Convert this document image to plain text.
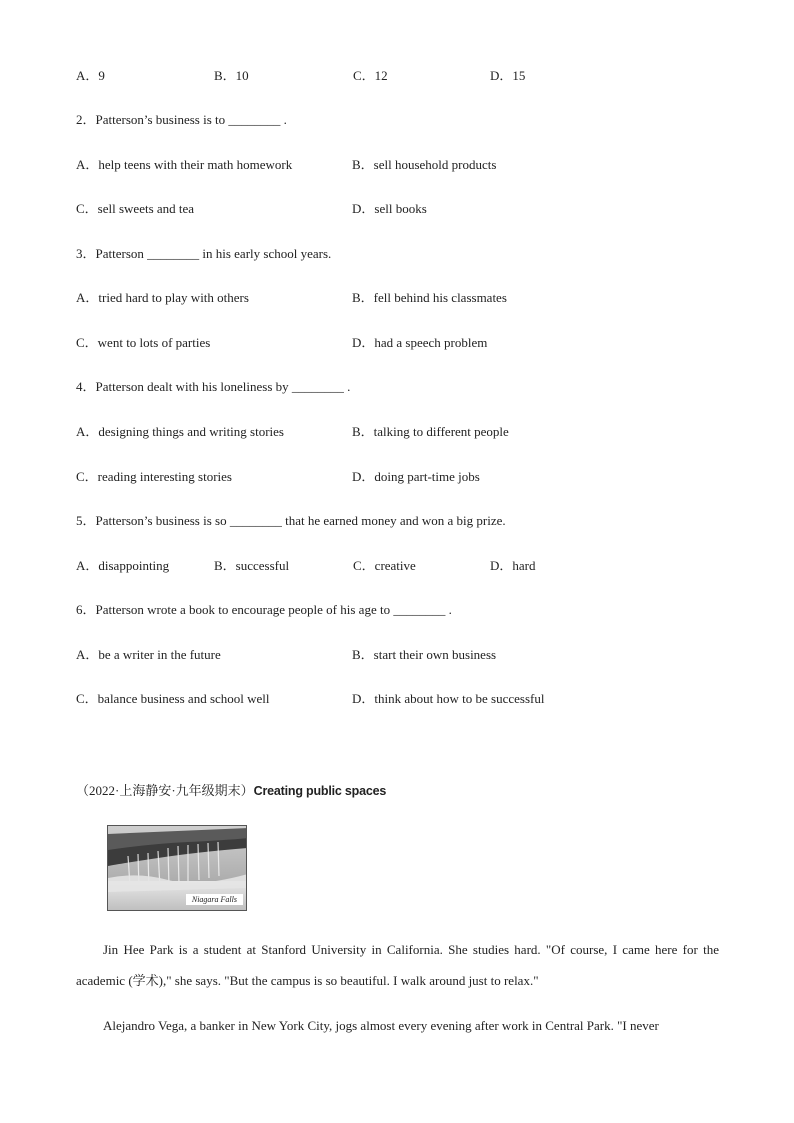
A．9	B．10	C．12	D．15
2．Patterson’s business is to ________ .
A．help teens with their math homework	B．sell household products
C．sell sweets and tea	D．sell books
3．Patterson ________ in his early school years.
A．tried hard to play with others	B．fell behind his classmates
C．went to lots of parties	D．had a speech problem
4．Patterson dealt with his loneliness by ________ .
A．designing things and writing stories	B．talking to different people
C．reading interesting stories	D．doing part-time jobs
5．Patterson’s business is so ________ that he earned money and won a big prize.
A．disappointing	B．successful	C．creative	D．hard
6．Patterson wrote a book to encourage people of his age to ________ .
A．be a writer in the future	B．start their own business
C．balance business and school well	D．think about how to be successful
（2022·上海静安·九年级期末）Creating public spaces
Niagara Falls
Jin Hee Park is a student at Stanford University in California. She studies hard. "Of course, I came here for the academic (学术)," she says. "But the campus is so beautiful. I walk around just to relax."
Alejandro Vega, a banker in New York City, jogs almost every evening after work in Central Park. "I never
